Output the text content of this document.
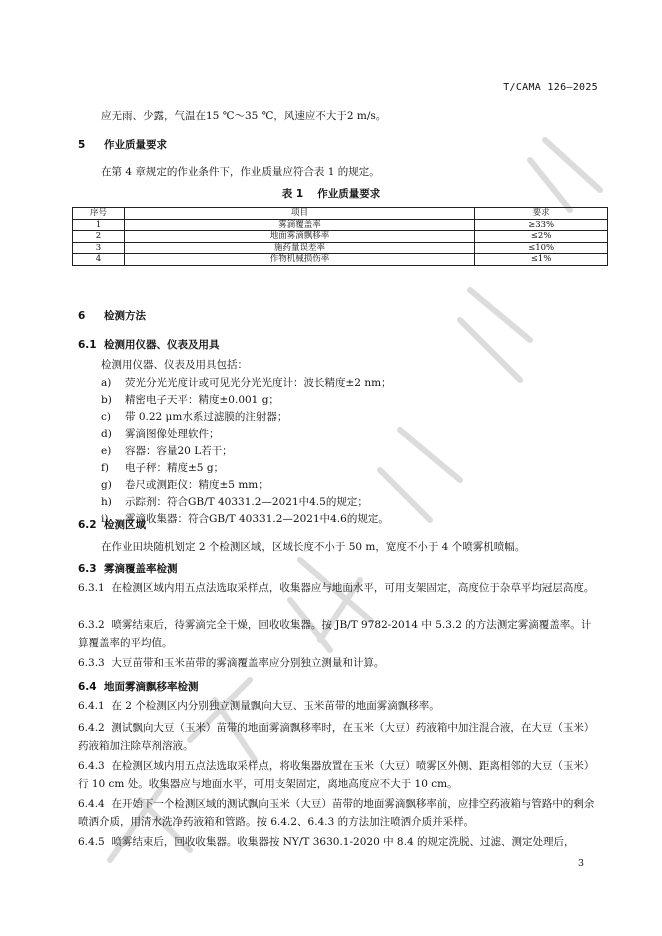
T/CAMA 126—2025
应无雨、少露，气温在15 ℃～35 ℃，风速应不大于2 m/s。
5 作业质量要求
在第 4 章规定的作业条件下，作业质量应符合表 1 的规定。
表 1　 作业质量要求
序号	项目	要求
1	雾滴覆盖率	≥33%
2	地面雾滴飘移率	≤2%
3	施药量误差率	≤10%
4	作物机械损伤率	≤1%
6 检测方法
6.1 检测用仪器、仪表及用具
检测用仪器、仪表及用具包括：
a) 荧光分光光度计或可见光分光光度计：波长精度±2 nm；
b) 精密电子天平：精度±0.001 g；
c) 带 0.22 μm水系过滤膜的注射器；
d) 雾滴图像处理软件；
e) 容器：容量20 L若干；
f) 电子秤：精度±5 g；
g) 卷尺或测距仪：精度±5 mm；
h) 示踪剂：符合GB/T 40331.2—2021中4.5的规定；
i) 雾滴收集器：符合GB/T 40331.2—2021中4.6的规定。
6.2 检测区域
在作业田块随机划定 2 个检测区域，区域长度不小于 50 m，宽度不小于 4 个喷雾机喷幅。
6.3 雾滴覆盖率检测
6.3.1 在检测区域内用五点法选取采样点，收集器应与地面水平，可用支架固定，高度位于杂草平均冠层高度。
6.3.2 喷雾结束后，待雾滴完全干燥，回收收集器。按 JB/T 9782-2014 中 5.3.2 的方法测定雾滴覆盖率。计算覆盖率的平均值。
6.3.3 大豆苗带和玉米苗带的雾滴覆盖率应分别独立测量和计算。
6.4 地面雾滴飘移率检测
6.4.1 在 2 个检测区内分别独立测量飘向大豆、玉米苗带的地面雾滴飘移率。
6.4.2 测试飘向大豆（玉米）苗带的地面雾滴飘移率时，在玉米（大豆）药液箱中加注混合液，在大豆（玉米）药液箱加注除草剂溶液。
6.4.3 在检测区域内用五点法选取采样点，将收集器放置在玉米（大豆）喷雾区外侧、距离相邻的大豆（玉米）行 10 cm 处。收集器应与地面水平，可用支架固定，离地高度应不大于 10 cm。
6.4.4 在开始下一个检测区域的测试飘向玉米（大豆）苗带的地面雾滴飘移率前，应排空药液箱与管路中的剩余喷洒介质，用清水洗净药液箱和管路。按 6.4.2、6.4.3 的方法加注喷洒介质并采样。
6.4.5 喷雾结束后，回收收集器。收集器按 NY/T 3630.1-2020 中 8.4 的规定洗脱、过滤、测定处理后，
3
